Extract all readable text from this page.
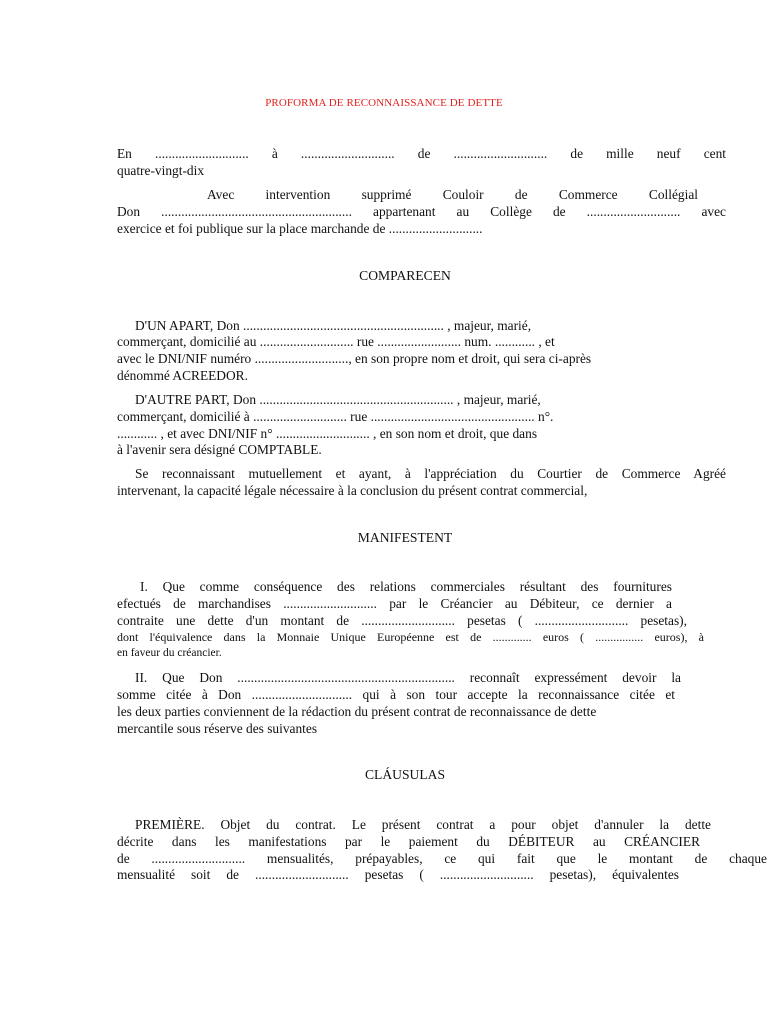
PROFORMA DE RECONNAISSANCE DE DETTE
En ............................ à ............................ de ............................ de mille neuf cent
quatre-vingt-dix
Avec intervention supprimé Couloir de Commerce Collégial
Don ......................................................... appartenant au Collège de ............................ avec
exercice et foi publique sur la place marchande de ............................
COMPARECEN
D'UN APART, Don ............................................................ , majeur, marié,
commerçant, domicilié au ............................ rue ......................... num. ............ , et
avec le DNI/NIF numéro ............................, en son propre nom et droit, qui sera ci-après
dénommé ACREEDOR.
D'AUTRE PART, Don .......................................................... , majeur, marié,
commerçant, domicilié à ............................ rue ................................................. n°.
............ , et avec DNI/NIF n° ............................ , en son nom et droit, que dans
à l'avenir sera désigné COMPTABLE.
Se reconnaissant mutuellement et ayant, à l'appréciation du Courtier de Commerce Agréé
intervenant, la capacité légale nécessaire à la conclusion du présent contrat commercial,
MANIFESTENT
I. Que comme conséquence des relations commerciales résultant des fournitures
efectués de marchandises ............................ par le Créancier au Débiteur, ce dernier a
contraite une dette d'un montant de ............................ pesetas ( ............................ pesetas),
dont l'équivalence dans la Monnaie Unique Européenne est de ............. euros ( ................ euros), à
en faveur du créancier.
II. Que Don ................................................................. reconnaît expressément devoir la
somme citée à Don .............................. qui à son tour accepte la reconnaissance citée et
les deux parties conviennent de la rédaction du présent contrat de reconnaissance de dette
mercantile sous réserve des suivantes
CLÁUSULAS
PREMIÈRE. Objet du contrat. Le présent contrat a pour objet d'annuler la dette
décrite dans les manifestations par le paiement du DÉBITEUR au CRÉANCIER
de ............................ mensualités, prépayables, ce qui fait que le montant de chaque
mensualité soit de ............................ pesetas ( ............................ pesetas), équivalentes
